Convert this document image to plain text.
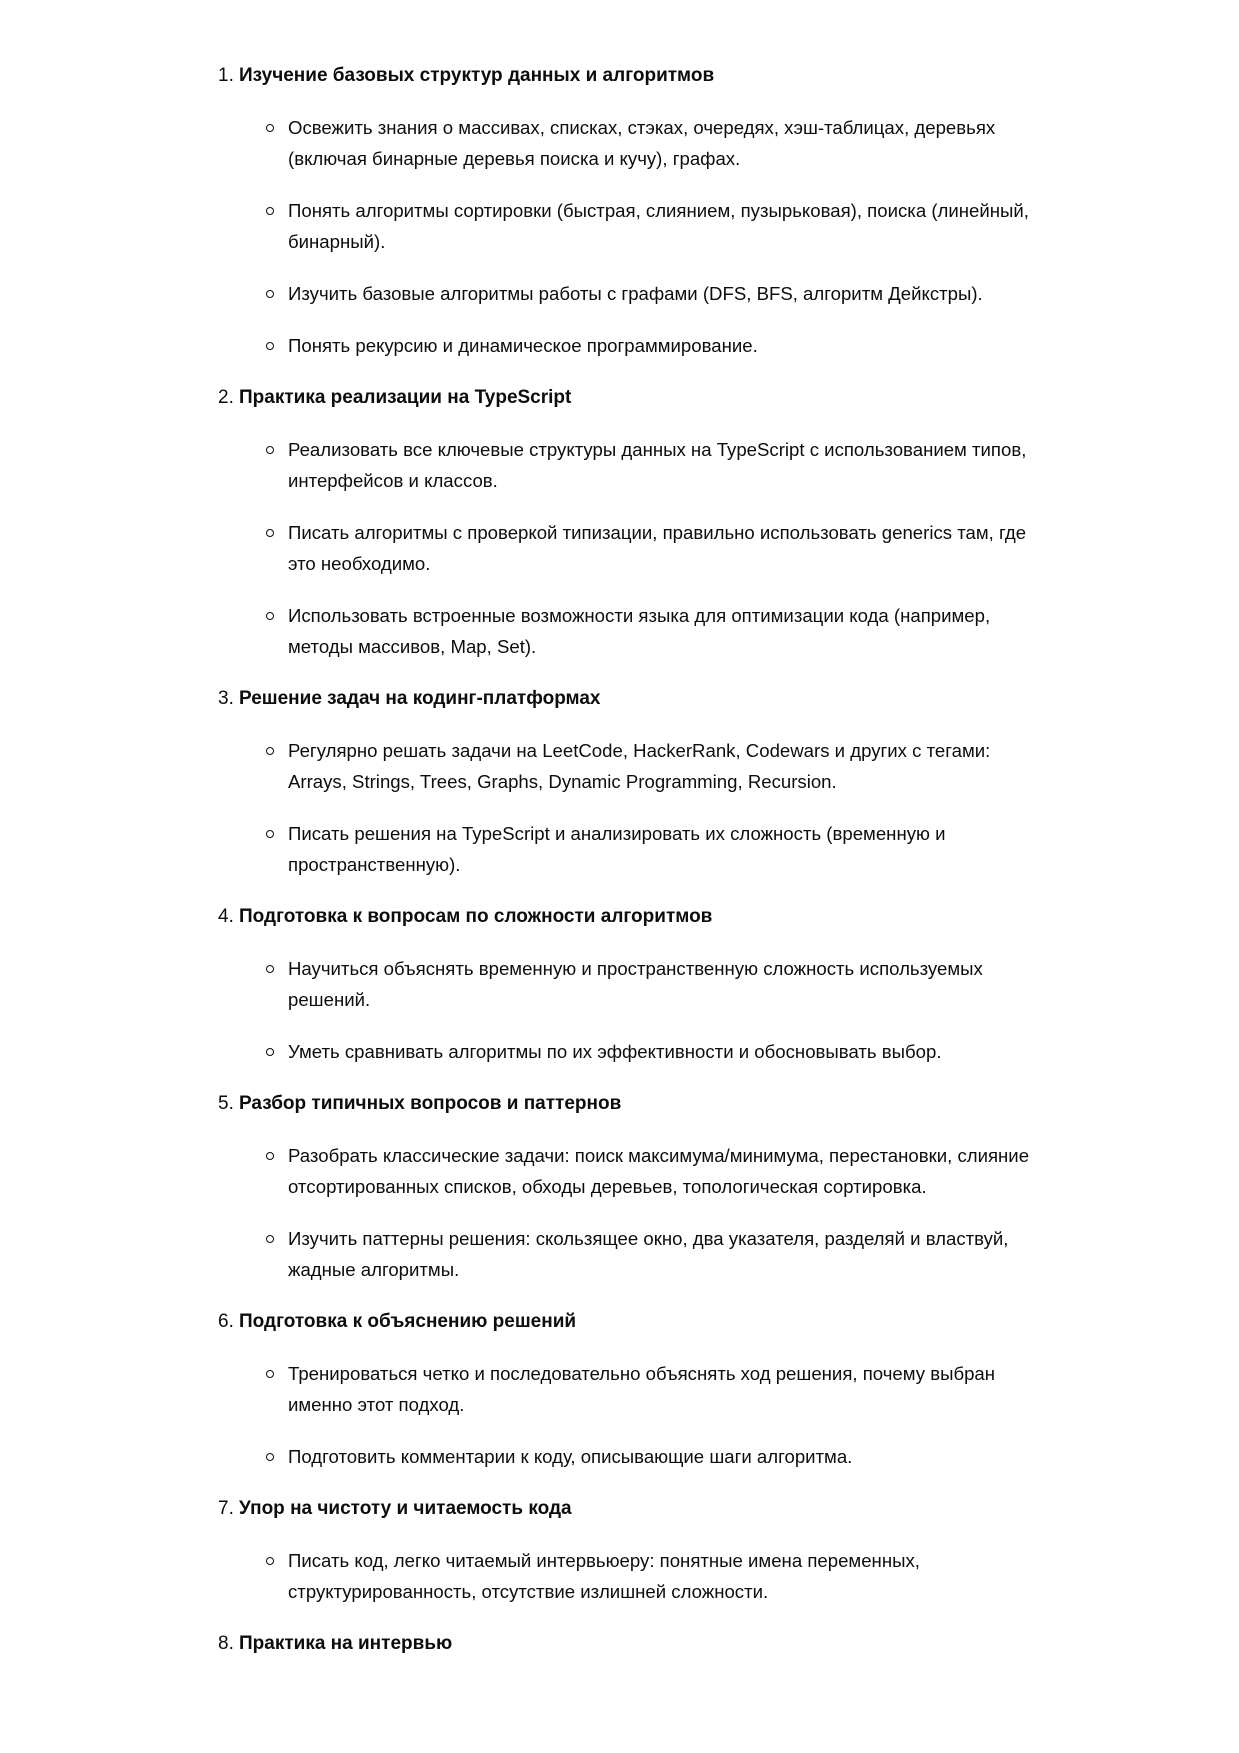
1. Изучение базовых структур данных и алгоритмов

Освежить знания о массивах, списках, стэках, очередях, хэш-таблицах, деревьях (включая бинарные деревья поиска и кучу), графах.
Понять алгоритмы сортировки (быстрая, слиянием, пузырьковая), поиска (линейный, бинарный).
Изучить базовые алгоритмы работы с графами (DFS, BFS, алгоритм Дейкстры).
Понять рекурсию и динамическое программирование.

2. Практика реализации на TypeScript

Реализовать все ключевые структуры данных на TypeScript с использованием типов, интерфейсов и классов.
Писать алгоритмы с проверкой типизации, правильно использовать generics там, где это необходимо.
Использовать встроенные возможности языка для оптимизации кода (например, методы массивов, Map, Set).

3. Решение задач на кодинг-платформах

Регулярно решать задачи на LeetCode, HackerRank, Codewars и других с тегами: Arrays, Strings, Trees, Graphs, Dynamic Programming, Recursion.
Писать решения на TypeScript и анализировать их сложность (временную и пространственную).

4. Подготовка к вопросам по сложности алгоритмов

Научиться объяснять временную и пространственную сложность используемых решений.
Уметь сравнивать алгоритмы по их эффективности и обосновывать выбор.

5. Разбор типичных вопросов и паттернов

Разобрать классические задачи: поиск максимума/минимума, перестановки, слияние отсортированных списков, обходы деревьев, топологическая сортировка.
Изучить паттерны решения: скользящее окно, два указателя, разделяй и властвуй, жадные алгоритмы.

6. Подготовка к объяснению решений

Тренироваться четко и последовательно объяснять ход решения, почему выбран именно этот подход.
Подготовить комментарии к коду, описывающие шаги алгоритма.

7. Упор на чистоту и читаемость кода

Писать код, легко читаемый интервьюеру: понятные имена переменных, структурированность, отсутствие излишней сложности.

8. Практика на интервью
